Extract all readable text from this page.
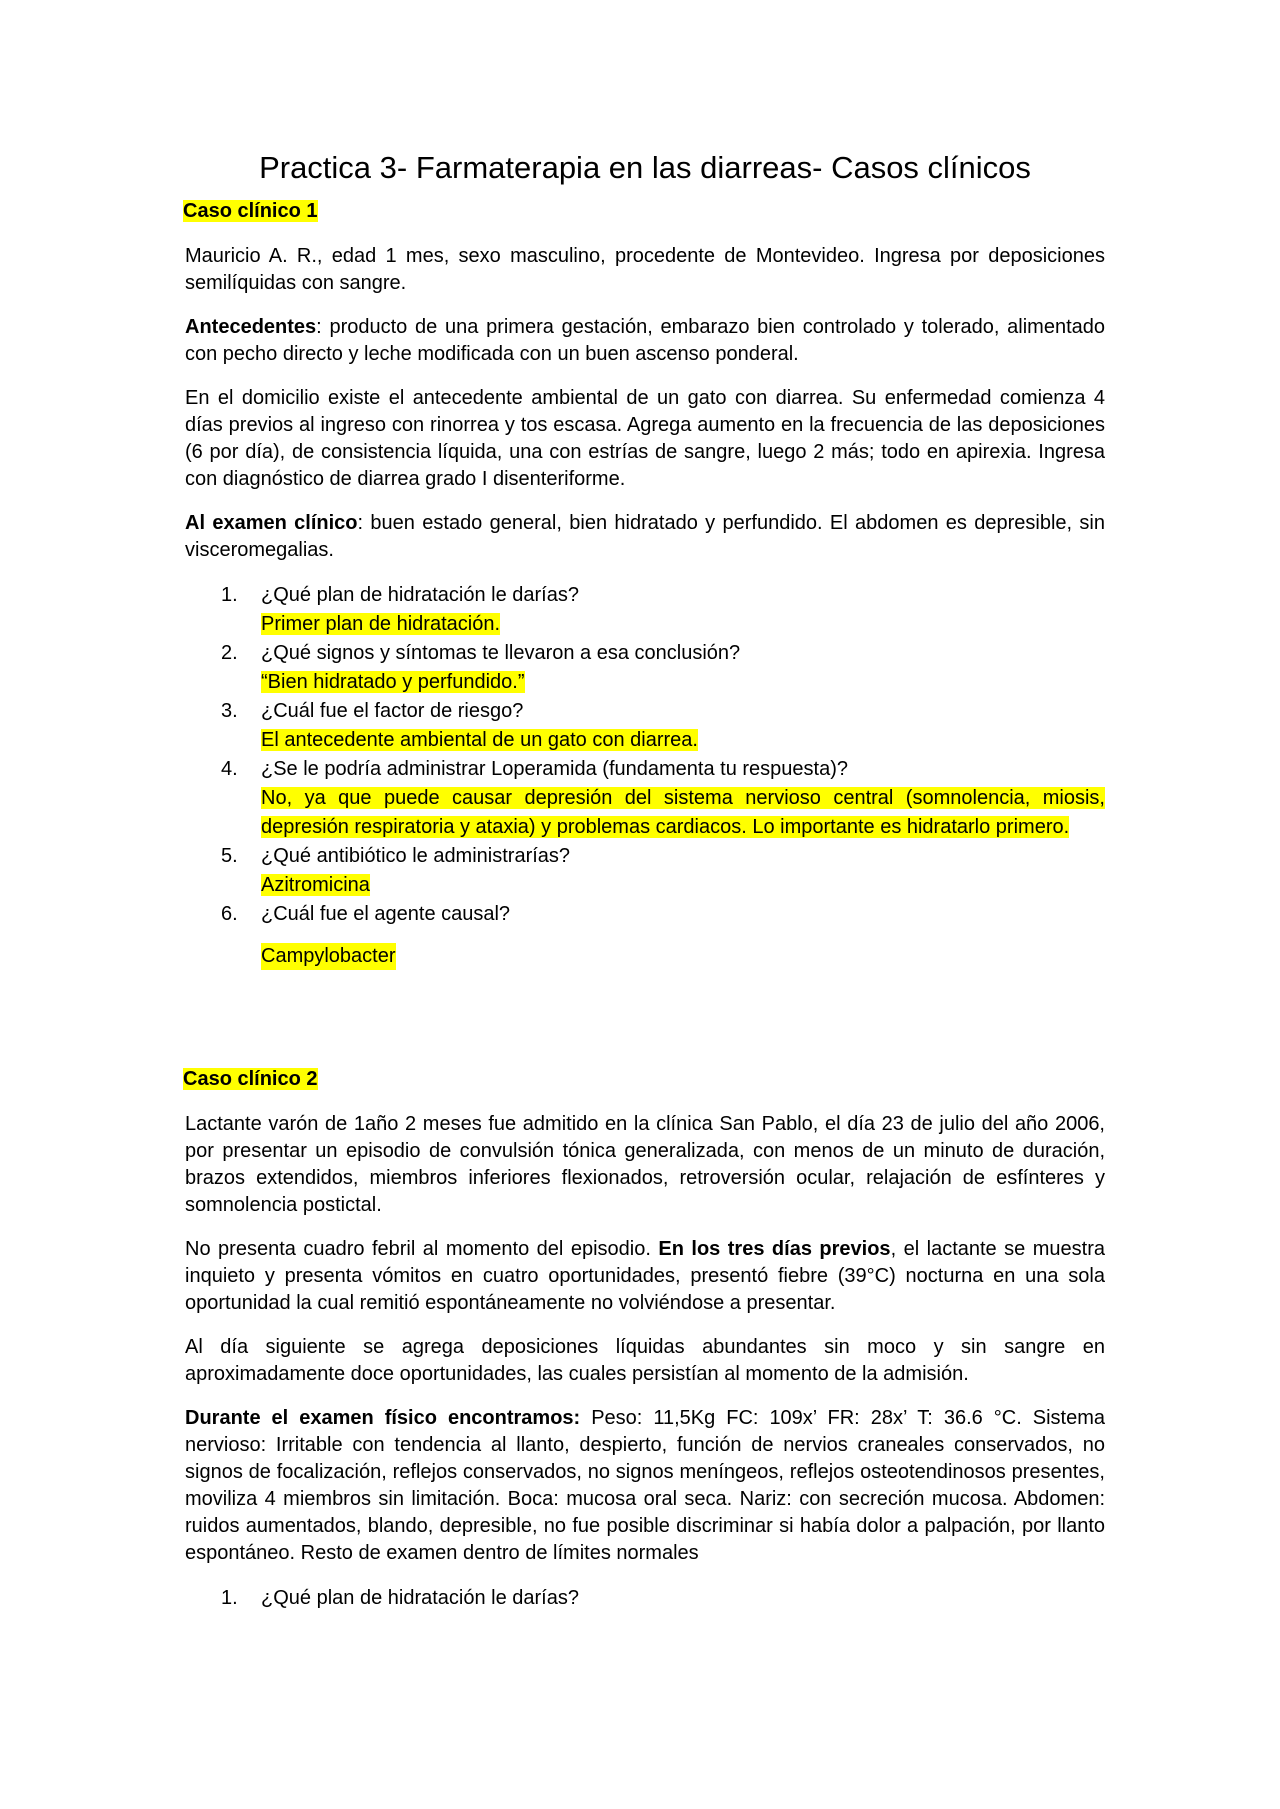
Practica 3- Farmaterapia en las diarreas- Casos clínicos
Caso clínico 1

Mauricio A. R., edad 1 mes, sexo masculino, procedente de Montevideo. Ingresa por deposiciones semilíquidas con sangre.

Antecedentes: producto de una primera gestación, embarazo bien controlado y tolerado, alimentado con pecho directo y leche modificada con un buen ascenso ponderal.

En el domicilio existe el antecedente ambiental de un gato con diarrea. Su enfermedad comienza 4 días previos al ingreso con rinorrea y tos escasa. Agrega aumento en la frecuencia de las deposiciones (6 por día), de consistencia líquida, una con estrías de sangre, luego 2 más; todo en apirexia. Ingresa con diagnóstico de diarrea grado I disenteriforme.

Al examen clínico: buen estado general, bien hidratado y perfundido. El abdomen es depresible, sin visceromegalias.

1. ¿Qué plan de hidratación le darías?
Primer plan de hidratación.
2. ¿Qué signos y síntomas te llevaron a esa conclusión?
“Bien hidratado y perfundido.”
3. ¿Cuál fue el factor de riesgo?
El antecedente ambiental de un gato con diarrea.
4. ¿Se le podría administrar Loperamida (fundamenta tu respuesta)?
No, ya que puede causar depresión del sistema nervioso central (somnolencia, miosis, depresión respiratoria y ataxia) y problemas cardiacos. Lo importante es hidratarlo primero.
5. ¿Qué antibiótico le administrarías?
Azitromicina
6. ¿Cuál fue el agente causal?
Campylobacter
Caso clínico 2

Lactante varón de 1año 2 meses fue admitido en la clínica San Pablo, el día 23 de julio del año 2006, por presentar un episodio de convulsión tónica generalizada, con menos de un minuto de duración, brazos extendidos, miembros inferiores flexionados, retroversión ocular, relajación de esfínteres y somnolencia postictal.

No presenta cuadro febril al momento del episodio. En los tres días previos, el lactante se muestra inquieto y presenta vómitos en cuatro oportunidades, presentó fiebre (39°C) nocturna en una sola oportunidad la cual remitió espontáneamente no volviéndose a presentar.

Al día siguiente se agrega deposiciones líquidas abundantes sin moco y sin sangre en aproximadamente doce oportunidades, las cuales persistían al momento de la admisión.

Durante el examen físico encontramos: Peso: 11,5Kg FC: 109x’ FR: 28x’ T: 36.6 °C. Sistema nervioso: Irritable con tendencia al llanto, despierto, función de nervios craneales conservados, no signos de focalización, reflejos conservados, no signos meníngeos, reflejos osteotendinosos presentes, moviliza 4 miembros sin limitación. Boca: mucosa oral seca. Nariz: con secreción mucosa. Abdomen: ruidos aumentados, blando, depresible, no fue posible discriminar si había dolor a palpación, por llanto espontáneo. Resto de examen dentro de límites normales

1. ¿Qué plan de hidratación le darías?
